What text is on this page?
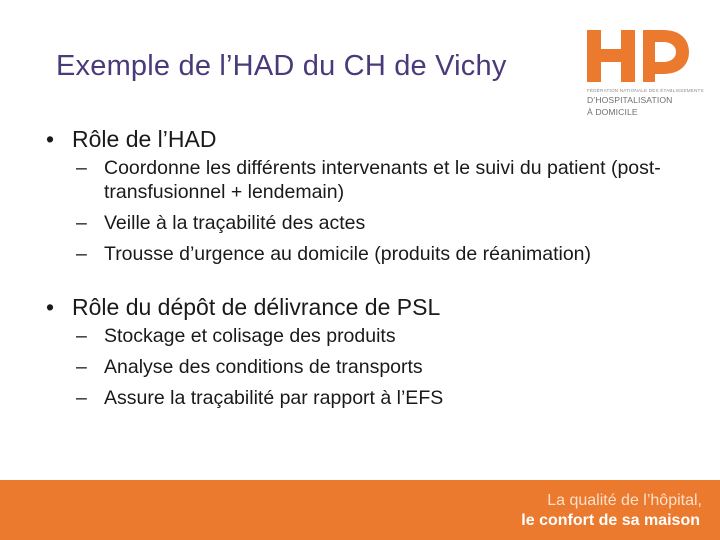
Exemple de l’HAD du CH de Vichy
FÉDÉRATION NATIONALE DES ÉTABLISSEMENTS
D’HOSPITALISATION
À DOMICILE
• Rôle de l’HAD
– Coordonne les différents intervenants et le suivi du patient (post-transfusionnel + lendemain)
– Veille à la traçabilité des actes
– Trousse d’urgence au domicile (produits de réanimation)
• Rôle du dépôt de délivrance de PSL
– Stockage et colisage des produits
– Analyse des conditions de transports
– Assure la traçabilité par rapport à l’EFS
La qualité de l’hôpital,
le confort de sa maison
